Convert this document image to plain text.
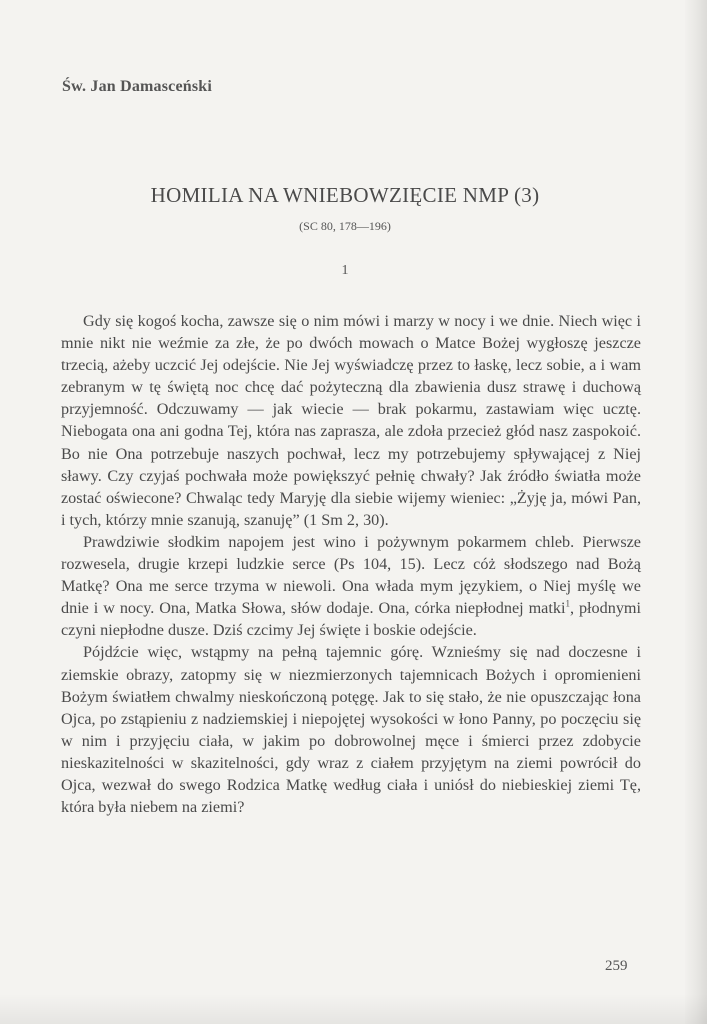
Św. Jan Damasceński
HOMILIA NA WNIEBOWZIĘCIE NMP (3)
(SC 80, 178—196)
1

Gdy się kogoś kocha, zawsze się o nim mówi i marzy w nocy i we dnie. Niech więc i mnie nikt nie weźmie za złe, że po dwóch mowach o Matce Bożej wygłoszę jeszcze trzecią, ażeby uczcić Jej odejście. Nie Jej wyświadczę przez to łaskę, lecz sobie, a i wam zebranym w tę świętą noc chcę dać pożyteczną dla zbawienia dusz strawę i duchową przyjemność. Odczuwamy — jak wiecie — brak pokarmu, zastawiam więc ucztę. Niebogata ona ani godna Tej, która nas zaprasza, ale zdoła przecież głód nasz zaspokoić. Bo nie Ona potrzebuje naszych pochwał, lecz my potrzebujemy spływającej z Niej sławy. Czy czyjaś pochwała może powiększyć pełnię chwały? Jak źródło światła może zostać oświecone? Chwaląc tedy Maryję dla siebie wijemy wieniec: „Żyję ja, mówi Pan, i tych, którzy mnie szanują, szanuję” (1 Sm 2, 30).

Prawdziwie słodkim napojem jest wino i pożywnym pokarmem chleb. Pierwsze rozwesela, drugie krzepi ludzkie serce (Ps 104, 15). Lecz cóż słodszego nad Bożą Matkę? Ona me serce trzyma w niewoli. Ona włada mym językiem, o Niej myślę we dnie i w nocy. Ona, Matka Słowa, słów dodaje. Ona, córka niepłodnej matki$^1$, płodnymi czyni niepłodne dusze. Dziś czcimy Jej święte i boskie odejście.

Pójdźcie więc, wstąpmy na pełną tajemnic górę. Wznieśmy się nad doczesne i ziemskie obrazy, zatopmy się w niezmierzonych tajemnicach Bożych i opromienieni Bożym światłem chwalmy nieskończoną potęgę. Jak to się stało, że nie opuszczając łona Ojca, po zstąpieniu z nadziemskiej i niepojętej wysokości w łono Panny, po poczęciu się w nim i przyjęciu ciała, w jakim po dobrowolnej męce i śmierci przez zdobycie nieskazitelności w skazitelności, gdy wraz z ciałem przyjętym na ziemi powrócił do Ojca, wezwał do swego Rodzica Matkę według ciała i uniósł do niebieskiej ziemi Tę, która była niebem na ziemi?

259
